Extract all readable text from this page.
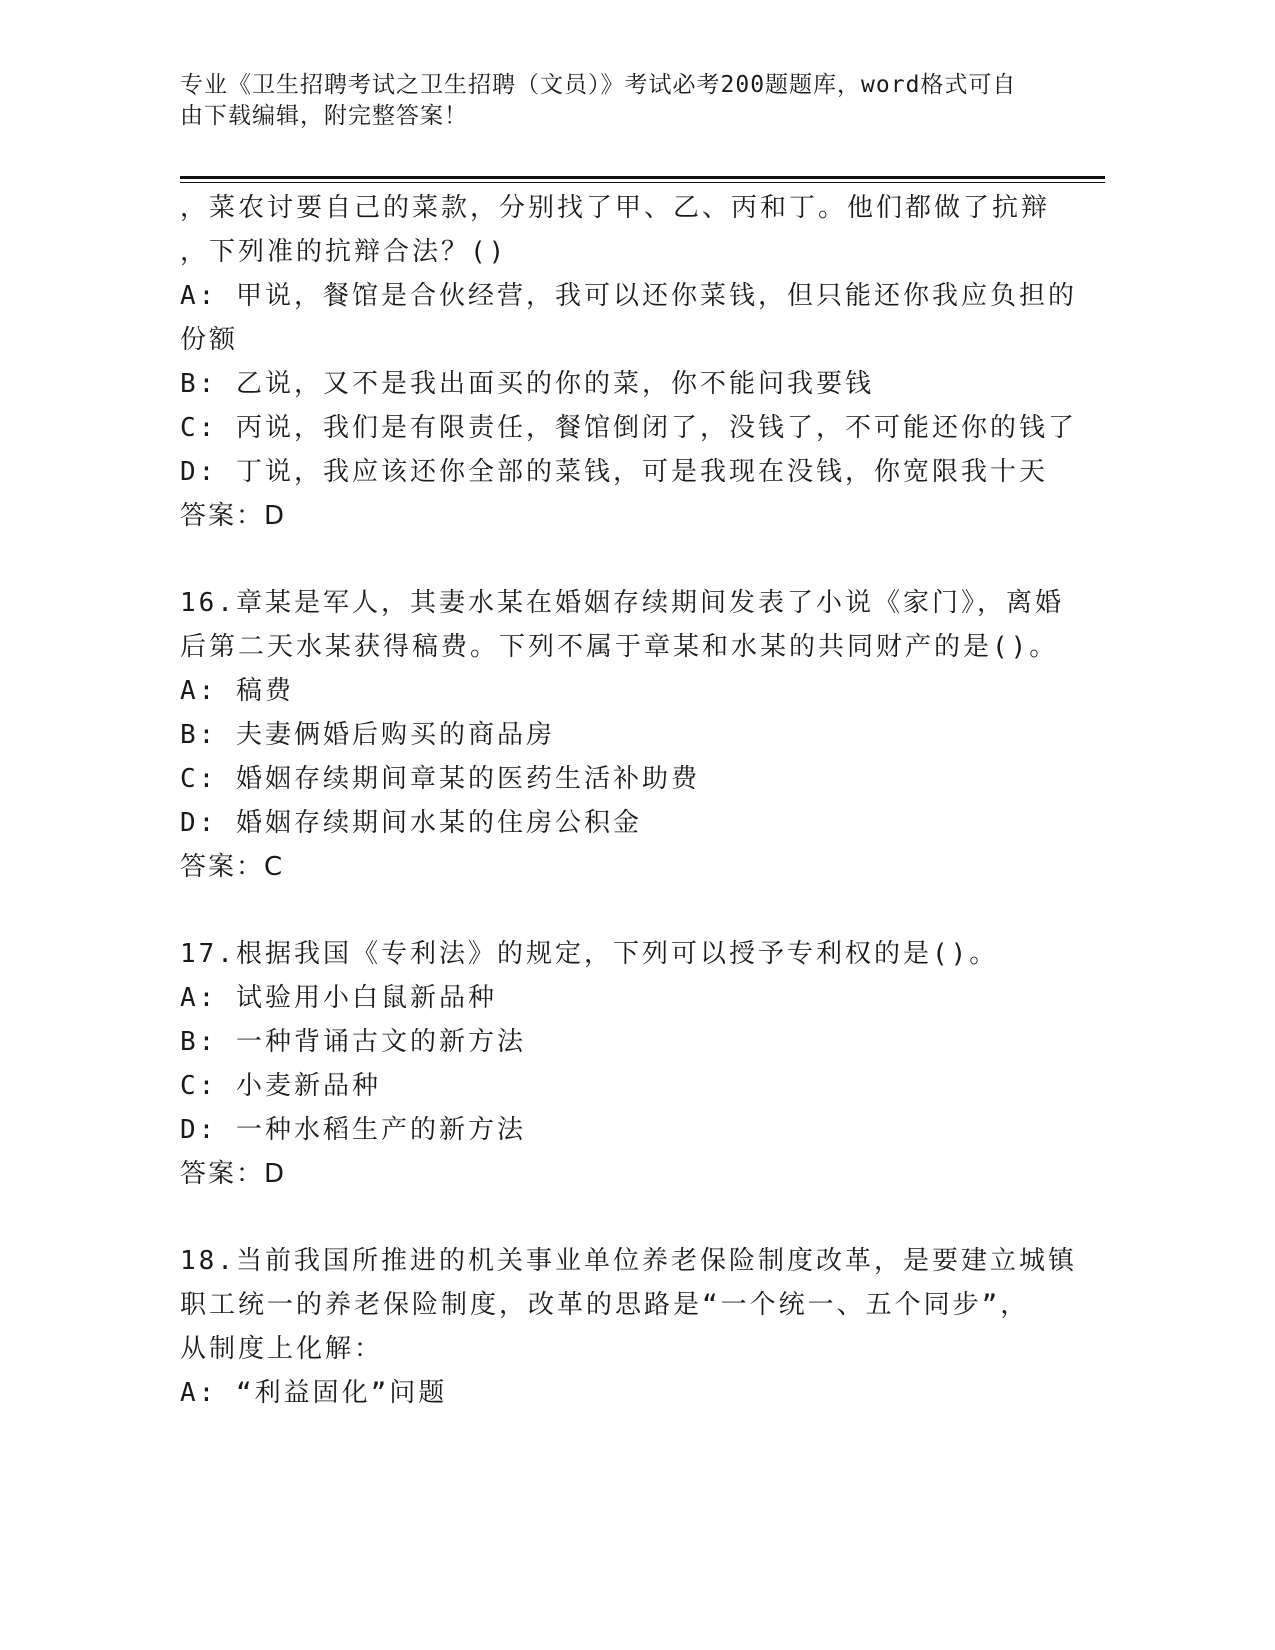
专业《卫生招聘考试之卫生招聘（文员）》考试必考200题题库，word格式可自
由下载编辑，附完整答案！
，菜农讨要自己的菜款，分别找了甲、乙、丙和丁。他们都做了抗辩
，下列准的抗辩合法？()
A: 甲说，餐馆是合伙经营，我可以还你菜钱，但只能还你我应负担的
份额
B: 乙说，又不是我出面买的你的菜，你不能问我要钱
C: 丙说，我们是有限责任，餐馆倒闭了，没钱了，不可能还你的钱了
D: 丁说，我应该还你全部的菜钱，可是我现在没钱，你宽限我十天
答案：D
16.章某是军人，其妻水某在婚姻存续期间发表了小说《家门》，离婚
后第二天水某获得稿费。下列不属于章某和水某的共同财产的是()。
A: 稿费
B: 夫妻俩婚后购买的商品房
C: 婚姻存续期间章某的医药生活补助费
D: 婚姻存续期间水某的住房公积金
答案：C
17.根据我国《专利法》的规定，下列可以授予专利权的是()。
A: 试验用小白鼠新品种
B: 一种背诵古文的新方法
C: 小麦新品种
D: 一种水稻生产的新方法
答案：D
18.当前我国所推进的机关事业单位养老保险制度改革，是要建立城镇
职工统一的养老保险制度，改革的思路是“一个统一、五个同步”，
从制度上化解：
A: “利益固化”问题
